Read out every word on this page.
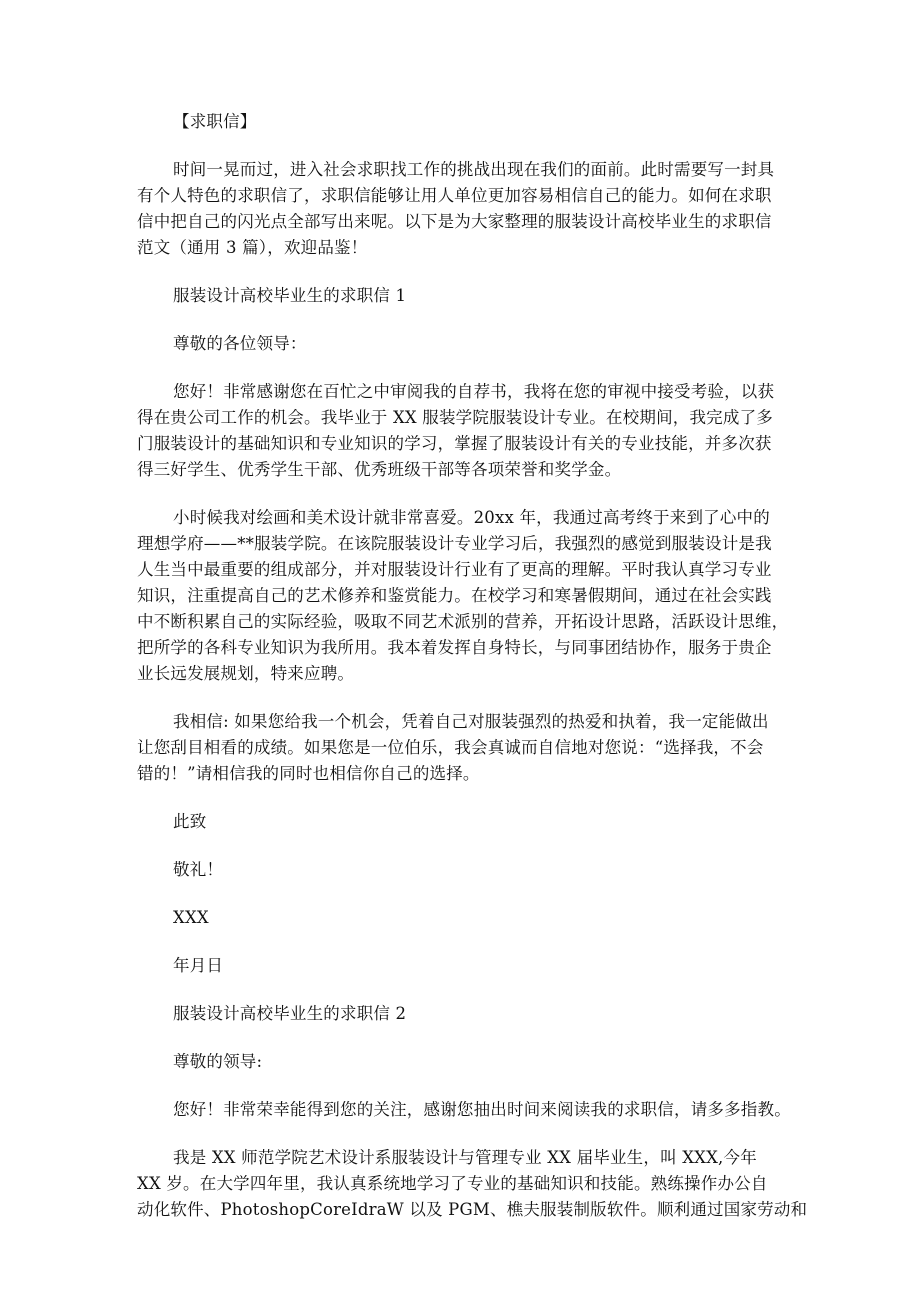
【求职信】
时间一晃而过，进入社会求职找工作的挑战出现在我们的面前。此时需要写一封具
有个人特色的求职信了，求职信能够让用人单位更加容易相信自己的能力。如何在求职
信中把自己的闪光点全部写出来呢。以下是为大家整理的服装设计高校毕业生的求职信
范文（通用 3 篇），欢迎品鉴！
服装设计高校毕业生的求职信 1
尊敬的各位领导：
您好！非常感谢您在百忙之中审阅我的自荐书，我将在您的审视中接受考验，以获
得在贵公司工作的机会。我毕业于 XX 服装学院服装设计专业。在校期间，我完成了多
门服装设计的基础知识和专业知识的学习，掌握了服装设计有关的专业技能，并多次获
得三好学生、优秀学生干部、优秀班级干部等各项荣誉和奖学金。
小时候我对绘画和美术设计就非常喜爱。20xx 年，我通过高考终于来到了心中的
理想学府——**服装学院。在该院服装设计专业学习后，我强烈的感觉到服装设计是我
人生当中最重要的组成部分，并对服装设计行业有了更高的理解。平时我认真学习专业
知识，注重提高自己的艺术修养和鉴赏能力。在校学习和寒暑假期间，通过在社会实践
中不断积累自己的实际经验，吸取不同艺术派别的营养，开拓设计思路，活跃设计思维，
把所学的各科专业知识为我所用。我本着发挥自身特长，与同事团结协作，服务于贵企
业长远发展规划，特来应聘。
我相信: 如果您给我一个机会，凭着自己对服装强烈的热爱和执着，我一定能做出
让您刮目相看的成绩。如果您是一位伯乐，我会真诚而自信地对您说：“选择我，不会
错的！”请相信我的同时也相信你自己的选择。
此致
敬礼！
XXX
年月日
服装设计高校毕业生的求职信 2
尊敬的领导:
您好！非常荣幸能得到您的关注，感谢您抽出时间来阅读我的求职信，请多多指教。
我是 XX 师范学院艺术设计系服装设计与管理专业 XX 届毕业生，叫 XXX,今年
XX 岁。在大学四年里，我认真系统地学习了专业的基础知识和技能。熟练操作办公自
动化软件、PhotoshopCoreIdraW 以及 PGM、樵夫服装制版软件。顺利通过国家劳动和
